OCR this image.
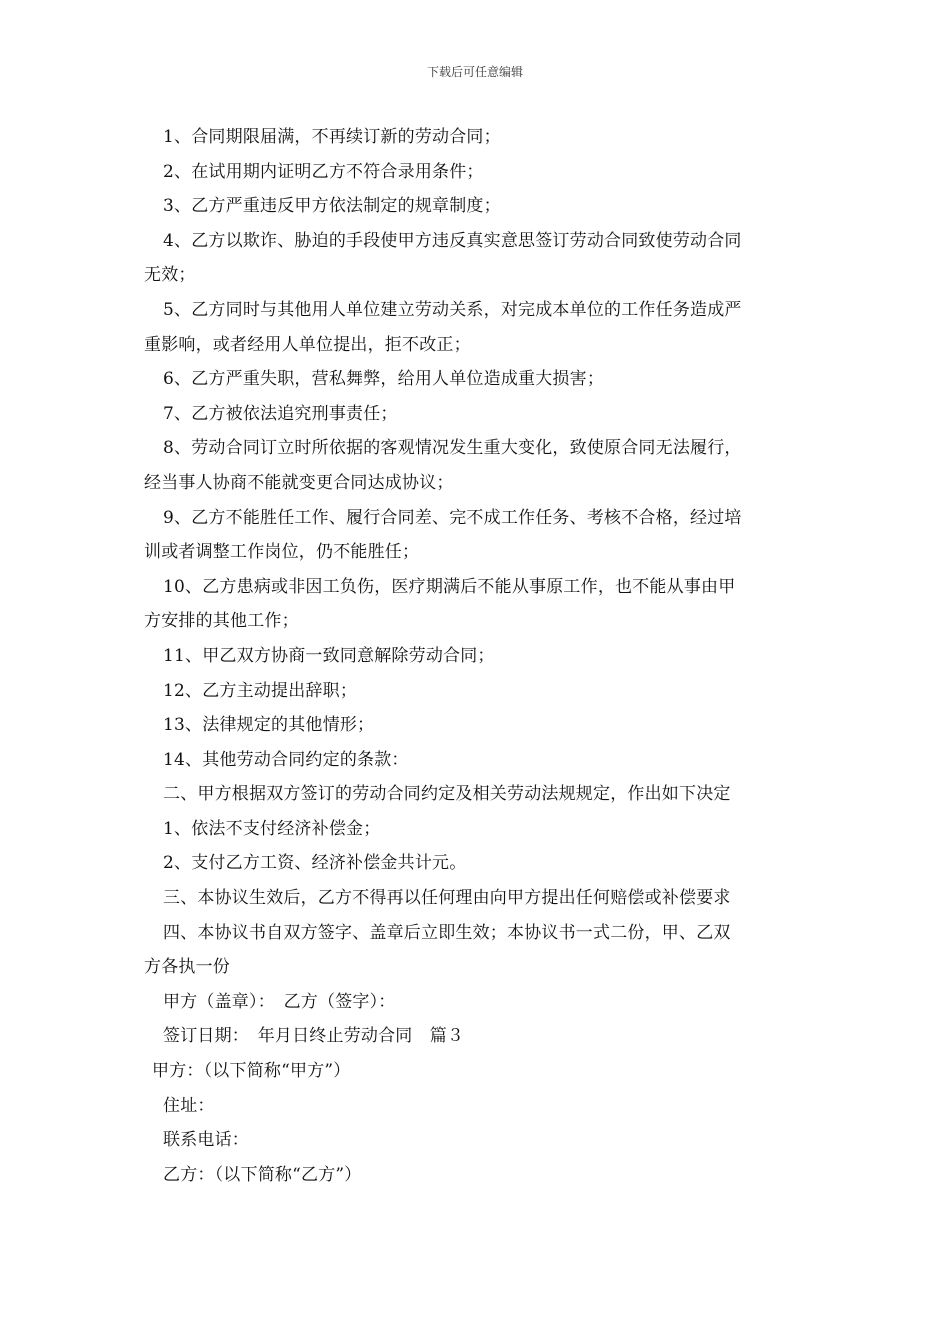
下载后可任意编辑
1、合同期限届满，不再续订新的劳动合同；
2、在试用期内证明乙方不符合录用条件；
3、乙方严重违反甲方依法制定的规章制度；
4、乙方以欺诈、胁迫的手段使甲方违反真实意思签订劳动合同致使劳动合同
无效；
5、乙方同时与其他用人单位建立劳动关系，对完成本单位的工作任务造成严
重影响，或者经用人单位提出，拒不改正；
6、乙方严重失职，营私舞弊，给用人单位造成重大损害；
7、乙方被依法追究刑事责任；
8、劳动合同订立时所依据的客观情况发生重大变化，致使原合同无法履行，
经当事人协商不能就变更合同达成协议；
9、乙方不能胜任工作、履行合同差、完不成工作任务、考核不合格，经过培
训或者调整工作岗位，仍不能胜任；
10、乙方患病或非因工负伤，医疗期满后不能从事原工作，也不能从事由甲
方安排的其他工作；
11、甲乙双方协商一致同意解除劳动合同；
12、乙方主动提出辞职；
13、法律规定的其他情形；
14、其他劳动合同约定的条款：
二、甲方根据双方签订的劳动合同约定及相关劳动法规规定，作出如下决定
1、依法不支付经济补偿金；
2、支付乙方工资、经济补偿金共计元。
三、本协议生效后，乙方不得再以任何理由向甲方提出任何赔偿或补偿要求
四、本协议书自双方签字、盖章后立即生效；本协议书一式二份，甲、乙双
方各执一份
甲方（盖章）：　乙方（签字）：
签订日期：　年月日终止劳动合同　篇３
甲方：（以下简称“甲方”）
住址：
联系电话：
乙方：（以下简称“乙方”）
